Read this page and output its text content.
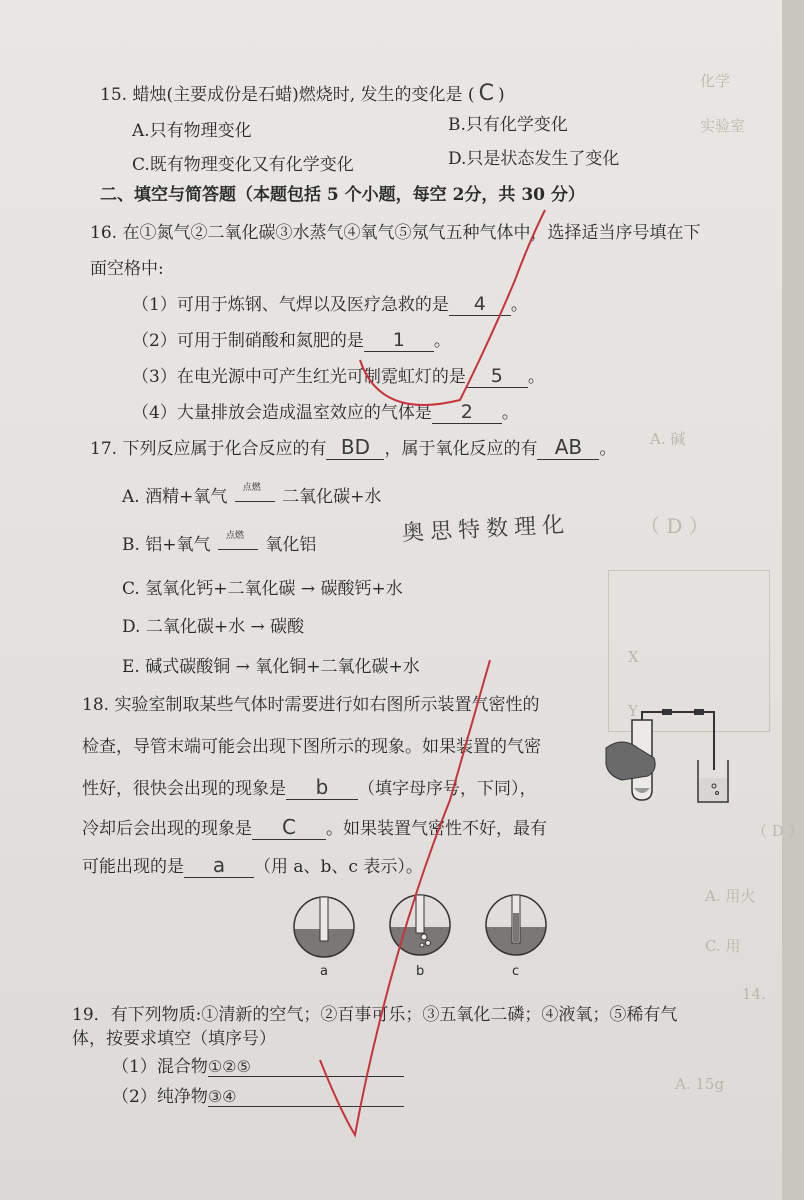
化学
实验室
A. 碱
（ D ）
X
Y
（ D ）
A. 用火
C. 用
14.
A. 15g
15. 蜡烛(主要成份是石蜡)燃烧时, 发生的变化是 ( C )
A.只有物理变化	B.只有化学变化
C.既有物理变化又有化学变化	D.只是状态发生了变化
二、填空与简答题（本题包括 5 个小题，每空 2分，共 30 分）
16. 在①氮气②二氧化碳③水蒸气④氧气⑤氖气五种气体中，选择适当序号填在下
面空格中:
（1）可用于炼钢、气焊以及医疗急救的是 4 。
（2）可用于制硝酸和氮肥的是 1 。
（3）在电光源中可产生红光可制霓虹灯的是 5 。
（4）大量排放会造成温室效应的气体是 2 。
17. 下列反应属于化合反应的有 BD ，属于氧化反应的有 AB 。
A. 酒精+氧气 点燃 二氧化碳+水
B. 铝+氧气 点燃 氧化铝
C. 氢氧化钙+二氧化碳 → 碳酸钙+水
D. 二氧化碳+水 → 碳酸
E. 碱式碳酸铜 → 氧化铜+二氧化碳+水
奥思特数理化
18. 实验室制取某些气体时需要进行如右图所示装置气密性的
检查，导管末端可能会出现下图所示的现象。如果装置的气密
性好，很快会出现的现象是 b （填字母序号，下同），
冷却后会出现的现象是 C 。如果装置气密性不好，最有
可能出现的是 a （用 a、b、c 表示）。
a	b	c
19．有下列物质:①清新的空气；②百事可乐；③五氧化二磷；④液氧；⑤稀有气
体，按要求填空（填序号）
（1）混合物①②⑤
（2）纯净物③④
